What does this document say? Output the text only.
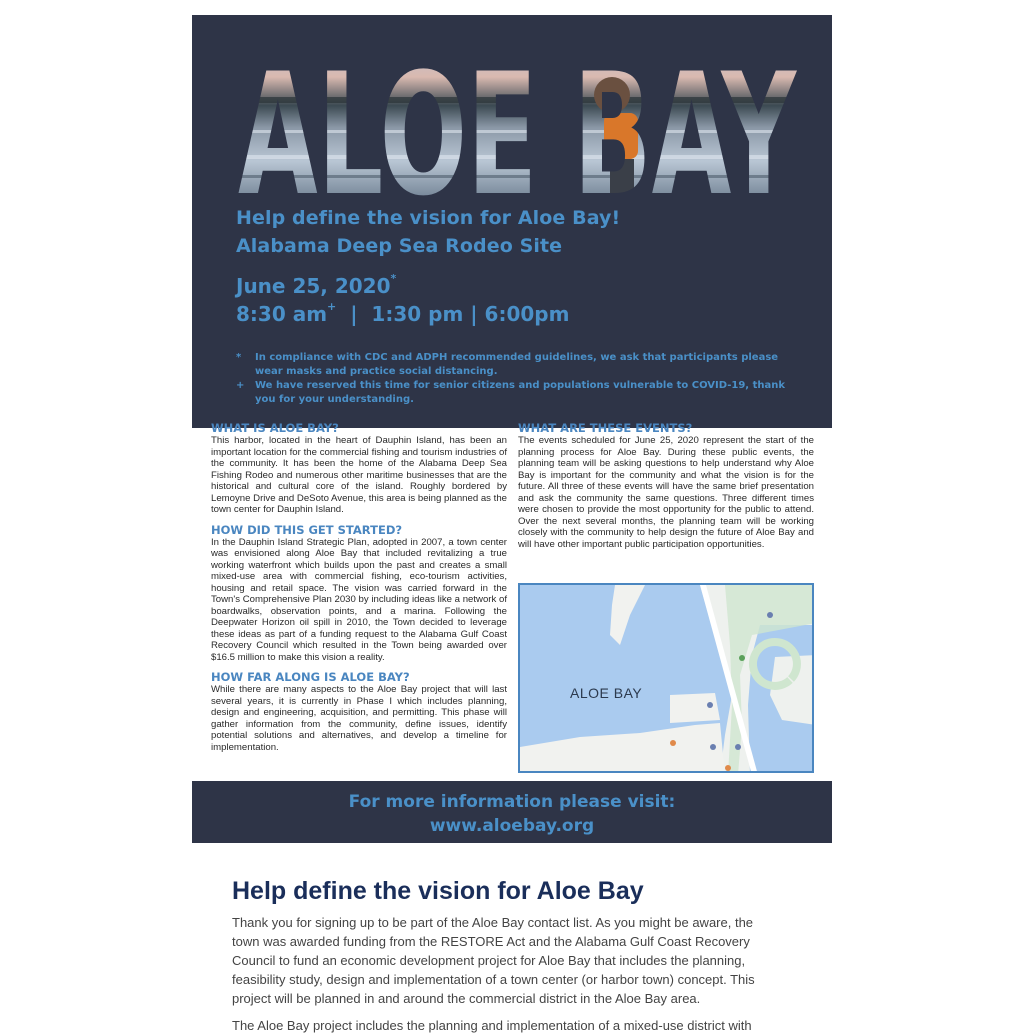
Help define the vision for Aloe Bay!

Alabama Deep Sea Rodeo Site

June 25, 2020*

8:30 am+  |  1:30 pm | 6:00pm

* In compliance with CDC and ADPH recommended guidelines, we ask that participants please wear masks and practice social distancing.
+ We have reserved this time for senior citizens and populations vulnerable to COVID-19, thank you for your understanding.
WHAT IS ALOE BAY?

This harbor, located in the heart of Dauphin Island, has been an important location for the commercial fishing and tourism industries of the community. It has been the home of the Alabama Deep Sea Fishing Rodeo and numerous other maritime businesses that are the historical and cultural core of the island. Roughly bordered by Lemoyne Drive and DeSoto Avenue, this area is being planned as the town center for Dauphin Island.

HOW DID THIS GET STARTED?

In the Dauphin Island Strategic Plan, adopted in 2007, a town center was envisioned along Aloe Bay that included revitalizing a true working waterfront which builds upon the past and creates a small mixed-use area with commercial fishing, eco-tourism activities, housing and retail space. The vision was carried forward in the Town's Comprehensive Plan 2030 by including ideas like a network of boardwalks, observation points, and a marina. Following the Deepwater Horizon oil spill in 2010, the Town decided to leverage these ideas as part of a funding request to the Alabama Gulf Coast Recovery Council which resulted in the Town being awarded over $16.5 million to make this vision a reality.

HOW FAR ALONG IS ALOE BAY?

While there are many aspects to the Aloe Bay project that will last several years, it is currently in Phase I which includes planning, design and engineering, acquisition, and permitting. This phase will gather information from the community, define issues, identify potential solutions and alternatives, and develop a timeline for implementation.

WHAT ARE THESE EVENTS?

The events scheduled for June 25, 2020 represent the start of the planning process for Aloe Bay. During these public events, the planning team will be asking questions to help understand why Aloe Bay is important for the community and what the vision is for the future. All three of these events will have the same brief presentation and ask the community the same questions. Three different times were chosen to provide the most opportunity for the public to attend. Over the next several months, the planning team will be working closely with the community to help design the future of Aloe Bay and will have other important public participation opportunities.

ALOE BAY

For more information please visit:

www.aloebay.org

Help define the vision for Aloe Bay

Thank you for signing up to be part of the Aloe Bay contact list. As you might be aware, the town was awarded funding from the RESTORE Act and the Alabama Gulf Coast Recovery Council to fund an economic development project for Aloe Bay that includes the planning, feasibility study, design and implementation of a town center (or harbor town) concept. This project will be planned in and around the commercial district in the Aloe Bay area.

The Aloe Bay project includes the planning and implementation of a mixed-use district with
